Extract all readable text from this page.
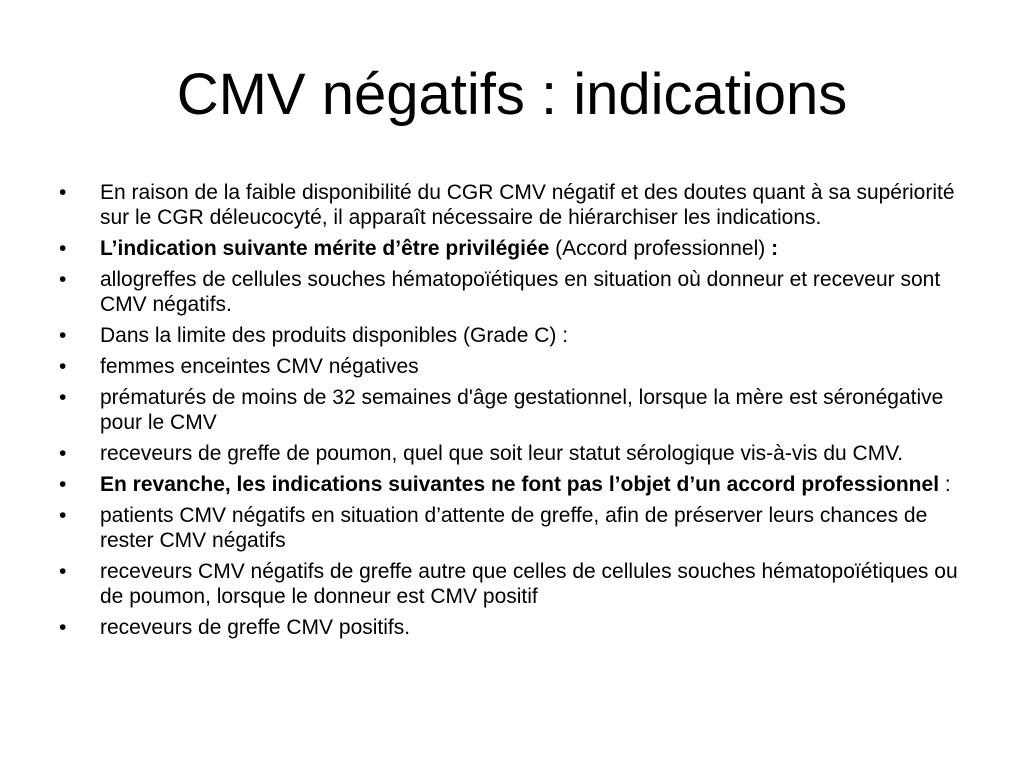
CMV négatifs : indications
• En raison de la faible disponibilité du CGR CMV négatif et des doutes quant à sa supériorité sur le CGR déleucocyté, il apparaît nécessaire de hiérarchiser les indications.
• L’indication suivante mérite d’être privilégiée (Accord professionnel) :
• allogreffes de cellules souches hématopoïétiques en situation où donneur et receveur sont CMV négatifs.
• Dans la limite des produits disponibles (Grade C) :
• femmes enceintes CMV négatives
• prématurés de moins de 32 semaines d'âge gestationnel, lorsque la mère est séronégative pour le CMV
• receveurs de greffe de poumon, quel que soit leur statut sérologique vis-à-vis du CMV.
• En revanche, les indications suivantes ne font pas l’objet d’un accord professionnel :
• patients CMV négatifs en situation d’attente de greffe, afin de préserver leurs chances de rester CMV négatifs
• receveurs CMV négatifs de greffe autre que celles de cellules souches hématopoïétiques ou de poumon, lorsque le donneur est CMV positif
• receveurs de greffe CMV positifs.
